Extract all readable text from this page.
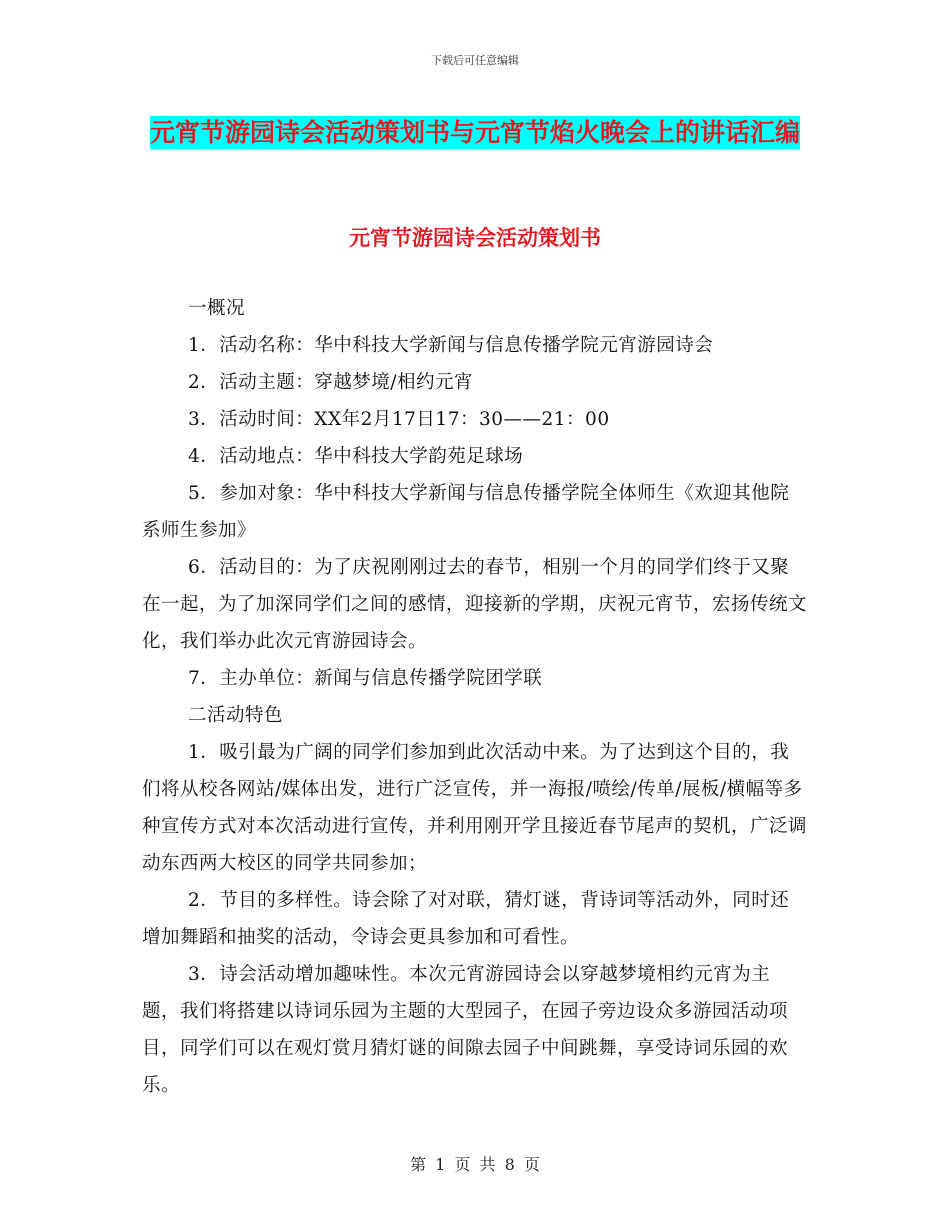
下载后可任意编辑
元宵节游园诗会活动策划书与元宵节焰火晚会上的讲话汇编
元宵节游园诗会活动策划书

一概况

1．活动名称：华中科技大学新闻与信息传播学院元宵游园诗会

2．活动主题：穿越梦境/相约元宵

3．活动时间：XX年2月17日17：30——21：00

4．活动地点：华中科技大学韵苑足球场

5．参加对象：华中科技大学新闻与信息传播学院全体师生《欢迎其他院系师生参加》

6．活动目的：为了庆祝刚刚过去的春节，相别一个月的同学们终于又聚在一起，为了加深同学们之间的感情，迎接新的学期，庆祝元宵节，宏扬传统文化，我们举办此次元宵游园诗会。

7．主办单位：新闻与信息传播学院团学联

二活动特色

1．吸引最为广阔的同学们参加到此次活动中来。为了达到这个目的，我们将从校各网站/媒体出发，进行广泛宣传，并一海报/喷绘/传单/展板/横幅等多种宣传方式对本次活动进行宣传，并利用刚开学且接近春节尾声的契机，广泛调动东西两大校区的同学共同参加；

2．节目的多样性。诗会除了对对联，猜灯谜，背诗词等活动外，同时还增加舞蹈和抽奖的活动，令诗会更具参加和可看性。

3．诗会活动增加趣味性。本次元宵游园诗会以穿越梦境相约元宵为主题，我们将搭建以诗词乐园为主题的大型园子，在园子旁边设众多游园活动项目，同学们可以在观灯赏月猜灯谜的间隙去园子中间跳舞，享受诗词乐园的欢乐。

第 1 页 共 8 页
